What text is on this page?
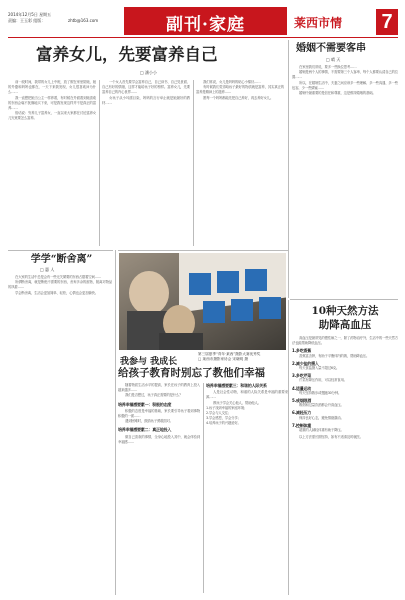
2014年12月5日 星期五
责编：王玉彩 组版：	zhtb@163.com	副刊·家庭	莱西市情	7
富养女儿，先要富养自己
□ 潘小小

前一段时间，我带的女儿上中班，放了假在家里陪她，她的外婆和妈妈也都在，一天下来我发现，女儿很喜欢问为什么……

我一直想把她当公主一样养着，有时候在外面看到她喜欢的东西会毫不犹豫地买下来，可是我发现这样并不是真正的富养……

俗话说：穷养儿子富养女，一直以来大家都在讨论富养女儿究竟要怎么富养。

一个女人首先要学会富养自己，自己读书、自己见世面、自己有好的情绪，这样才能给孩子好的榜样。富养女儿，先要富养自己的内心世界……

女孩子从小耳濡目染，妈妈的言行举止就是她最好的教材……

我们常说，女儿是妈妈的贴心小棉袄……

有时候我们觉得给孩子最好的物质就是富养，其实真正的富养是精神上的滋养……

愿每一个妈妈都能先把自己养好，再去养好女儿。

婚姻不需要客串
□ 晴 天

在家里我们常说，要多一些换位思考……

婚姻是两个人的事情，不需要第三个人客串，每个人都要认清自己的位置……

所以，在婚姻生活中，夫妻之间应该多一些理解、多一些沟通、多一些包容，少一些猜疑……

婚姻中最重要的是信任和尊重，这是维持婚姻的基础。

学学“断舍离”
□ 惠 人

在大家的生活中总是会有一些无关紧要的东西占据着空间……

所谓断舍离，就是断绝不需要的东西，舍弃多余的废物，脱离对物品的执着……

学会断舍离，生活会更加简单、轻松，心情也会更加愉快。

我参与 我成长
第三届夏季“青年·莱西”摄影大赛优秀奖
□ 莱西市摄影家协会 宋晓明 摄
给孩子教育时别忘了教他们幸福

随着物质生活水平的提高，家长在孩子的教育上投入越来越多……

我们是否想过，孩子真正需要的是什么？

培养幸福感要素一：积极的态度

积极的态度是幸福的基础，家长要引导孩子看到事物积极的一面……

遇到困难时，鼓励孩子勇敢面对。

培养幸福感要素二：真正地投入

做自己喜欢的事情，全身心地投入其中，就会体验到幸福感……

培养幸福感要素三：和谐的人际关系

人是社会性动物，和谐的人际关系是幸福的重要来源……

教孩子学会关心他人、帮助他人。

1.孩子找到幸福的家庭环境；
2.学会与人交往；
3.学会感恩，学会分享；
4.培养孩子的兴趣爱好。
10种天然方法
助降高血压

高血压是最常见的慢性病之一，除了药物治疗外，生活中的一些天然方法也能帮助降低血压。

1.多吃香蕉

香蕉富含钾，有助于平衡体内的钠，帮助降血压。

2.减少盐的摄入

每天食盐摄入量不超过6克。

3.多吃芹菜

芹菜有降压作用，可以经常食用。

4.适量运动

每天坚持散步或慢跑30分钟。

5.戒烟限酒

吸烟和过量饮酒都会升高血压。

6.减轻压力

保持良好心态，避免情绪激动。

7.控制体重

超重的人减轻体重有助于降压。

以上方法需长期坚持，如有不适请及时就医。
